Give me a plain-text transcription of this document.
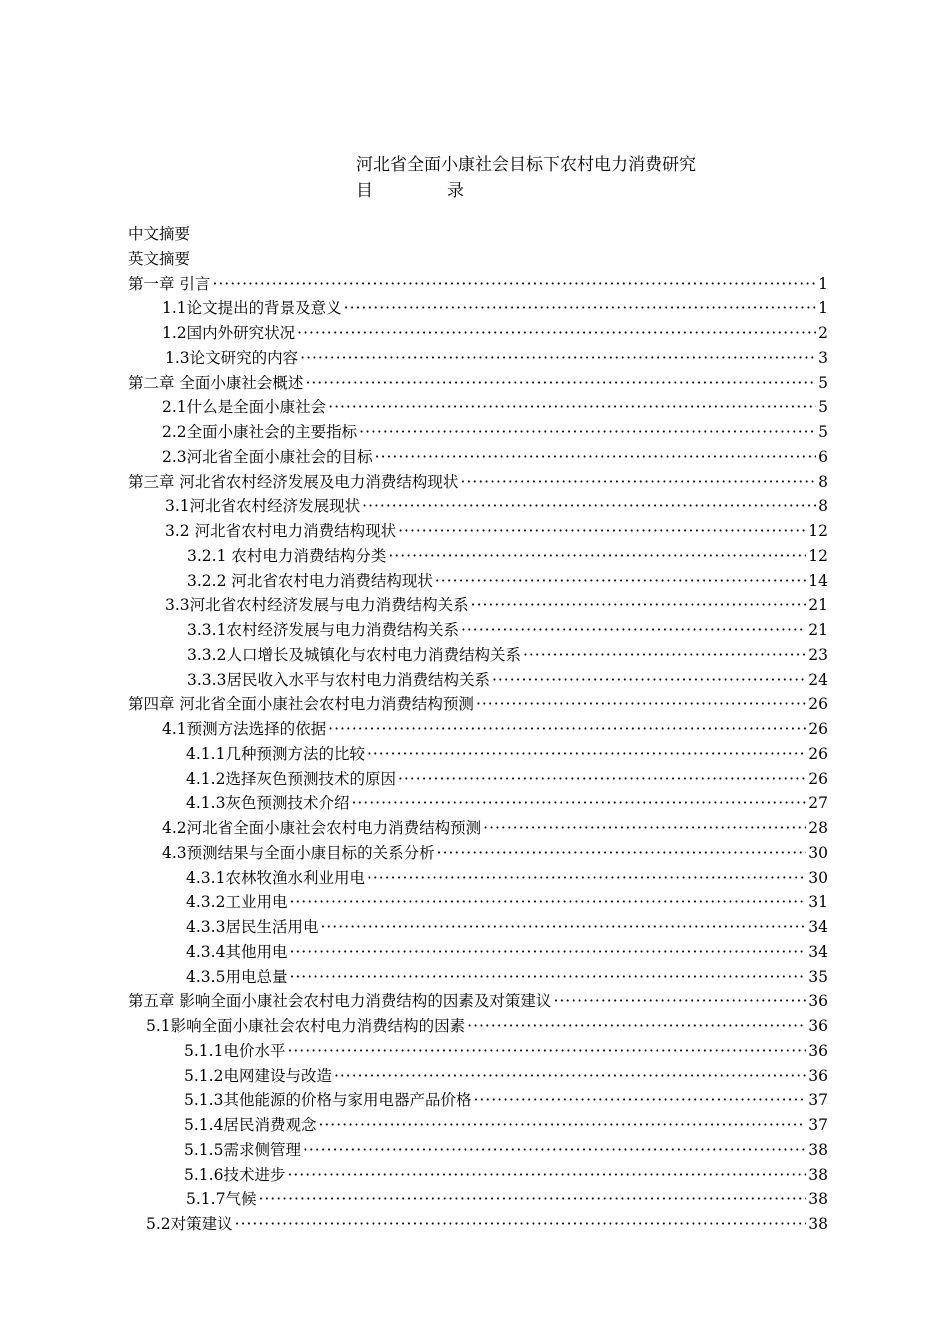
河北省全面小康社会目标下农村电力消费研究
目	录
中文摘要
英文摘要
第一章 引言 ·····	1
1.1论文提出的背景及意义 ·····	1
1.2国内外研究状况 ·····	2
1.3论文研究的内容 ·····	3
第二章 全面小康社会概述 ·····	5
2.1什么是全面小康社会 ·····	5
2.2全面小康社会的主要指标 ·····	5
2.3河北省全面小康社会的目标 ·····	6
第三章 河北省农村经济发展及电力消费结构现状 ·····	8
3.1河北省农村经济发展现状 ·····	8
3.2 河北省农村电力消费结构现状 ·····	12
3.2.1 农村电力消费结构分类 ·····	12
3.2.2 河北省农村电力消费结构现状 ·····	14
3.3河北省农村经济发展与电力消费结构关系 ·····	21
3.3.1农村经济发展与电力消费结构关系 ·····	21
3.3.2人口增长及城镇化与农村电力消费结构关系 ·····	23
3.3.3居民收入水平与农村电力消费结构关系 ·····	24
第四章 河北省全面小康社会农村电力消费结构预测 ·····	26
4.1预测方法选择的依据 ·····	26
4.1.1几种预测方法的比较 ·····	26
4.1.2选择灰色预测技术的原因 ·····	26
4.1.3灰色预测技术介绍 ·····	27
4.2河北省全面小康社会农村电力消费结构预测 ·····	28
4.3预测结果与全面小康目标的关系分析 ·····	30
4.3.1农林牧渔水利业用电 ·····	30
4.3.2工业用电 ·····	31
4.3.3居民生活用电 ·····	34
4.3.4其他用电 ·····	34
4.3.5用电总量 ·····	35
第五章 影响全面小康社会农村电力消费结构的因素及对策建议 ·····	36
5.1影响全面小康社会农村电力消费结构的因素 ·····	36
5.1.1电价水平 ·····	36
5.1.2电网建设与改造 ·····	36
5.1.3其他能源的价格与家用电器产品价格 ·····	37
5.1.4居民消费观念 ·····	37
5.1.5需求侧管理 ·····	38
5.1.6技术进步 ·····	38
5.1.7气候 ·····	38
5.2对策建议 ·····	38
